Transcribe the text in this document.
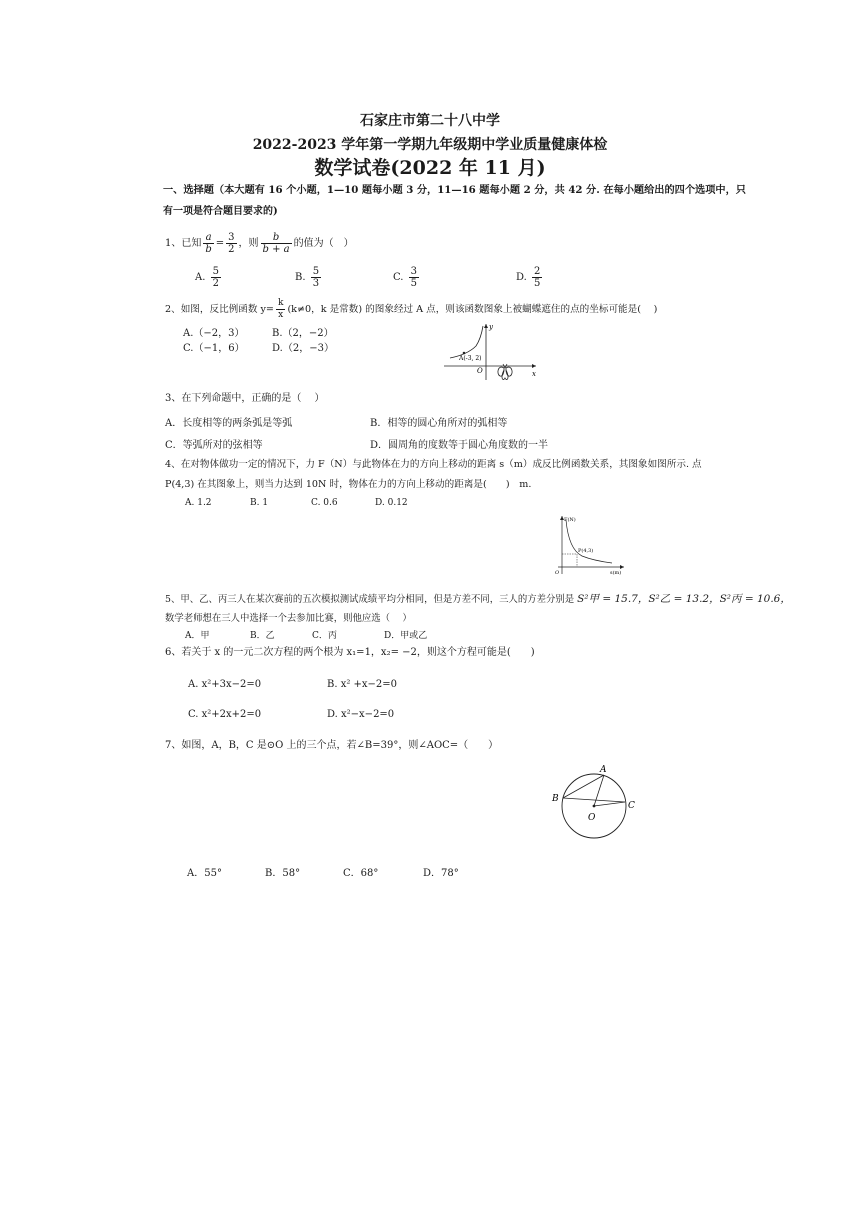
石家庄市第二十八中学
2022-2023 学年第一学期九年级期中学业质量健康体检
数学试卷(2022 年 11 月)
一、选择题（本大题有 16 个小题，1—10 题每小题 3 分，11—16 题每小题 2 分，共 42 分. 在每小题给出的四个选项中，只
有一项是符合题目要求的)
1、已知 $\frac{a}{b} = \frac{3}{2}$ ，则 $\frac{b}{b + a}$ 的值为（　）
A. $\frac{5}{2}$	B. $\frac{5}{3}$	C. $\frac{3}{5}$	D. $\frac{2}{5}$
2、如图，反比例函数 $y= \frac{k}{x} (k\ne 0$，k 是常数) 的图象经过 A 点，则该函数图象上被蝴蝶遮住的点的坐标可能是(　 )
A.（−2，3）	B.（2，−2）
C.（−1，6）	D.（2，−3）
A(-3, 2)
y
x
O
3、在下列命题中，正确的是（　 ）
A．长度相等的两条弧是等弧	B．相等的圆心角所对的弧相等
C．等弧所对的弦相等	D．圆周角的度数等于圆心角度数的一半
4、在对物体做功一定的情况下，力 F（N）与此物体在力的方向上移动的距离 s（m）成反比例函数关系，其图象如图所示. 点
P(4,3) 在其图象上，则当力达到 10N 时，物体在力的方向上移动的距离是(　　)　m.
A. 1.2	B. 1	C. 0.6	D. 0.12
P(4,3)
F(N)
s(m)
O
5、甲、乙、丙三人在某次赛前的五次模拟测试成绩平均分相同，但是方差不同，三人的方差分别是 S²甲 = 15.7，S²乙 = 13.2，S²丙 = 10.6，
数学老师想在三人中选择一个去参加比赛，则他应选（　 ）
A．甲	B．乙	C．丙	D．甲或乙
6、若关于 x 的一元二次方程的两个根为 x₁=1，x₂= −2，则这个方程可能是(　　)
A. x²+3x−2=0	B. x² +x−2=0
C. x²+2x+2=0	D. x²−x−2=0
7、如图，A，B，C 是⊙O 上的三个点，若∠B=39°，则∠AOC=（　　）
A
B
C
O
A．55°	B．58°	C．68°	D．78°
